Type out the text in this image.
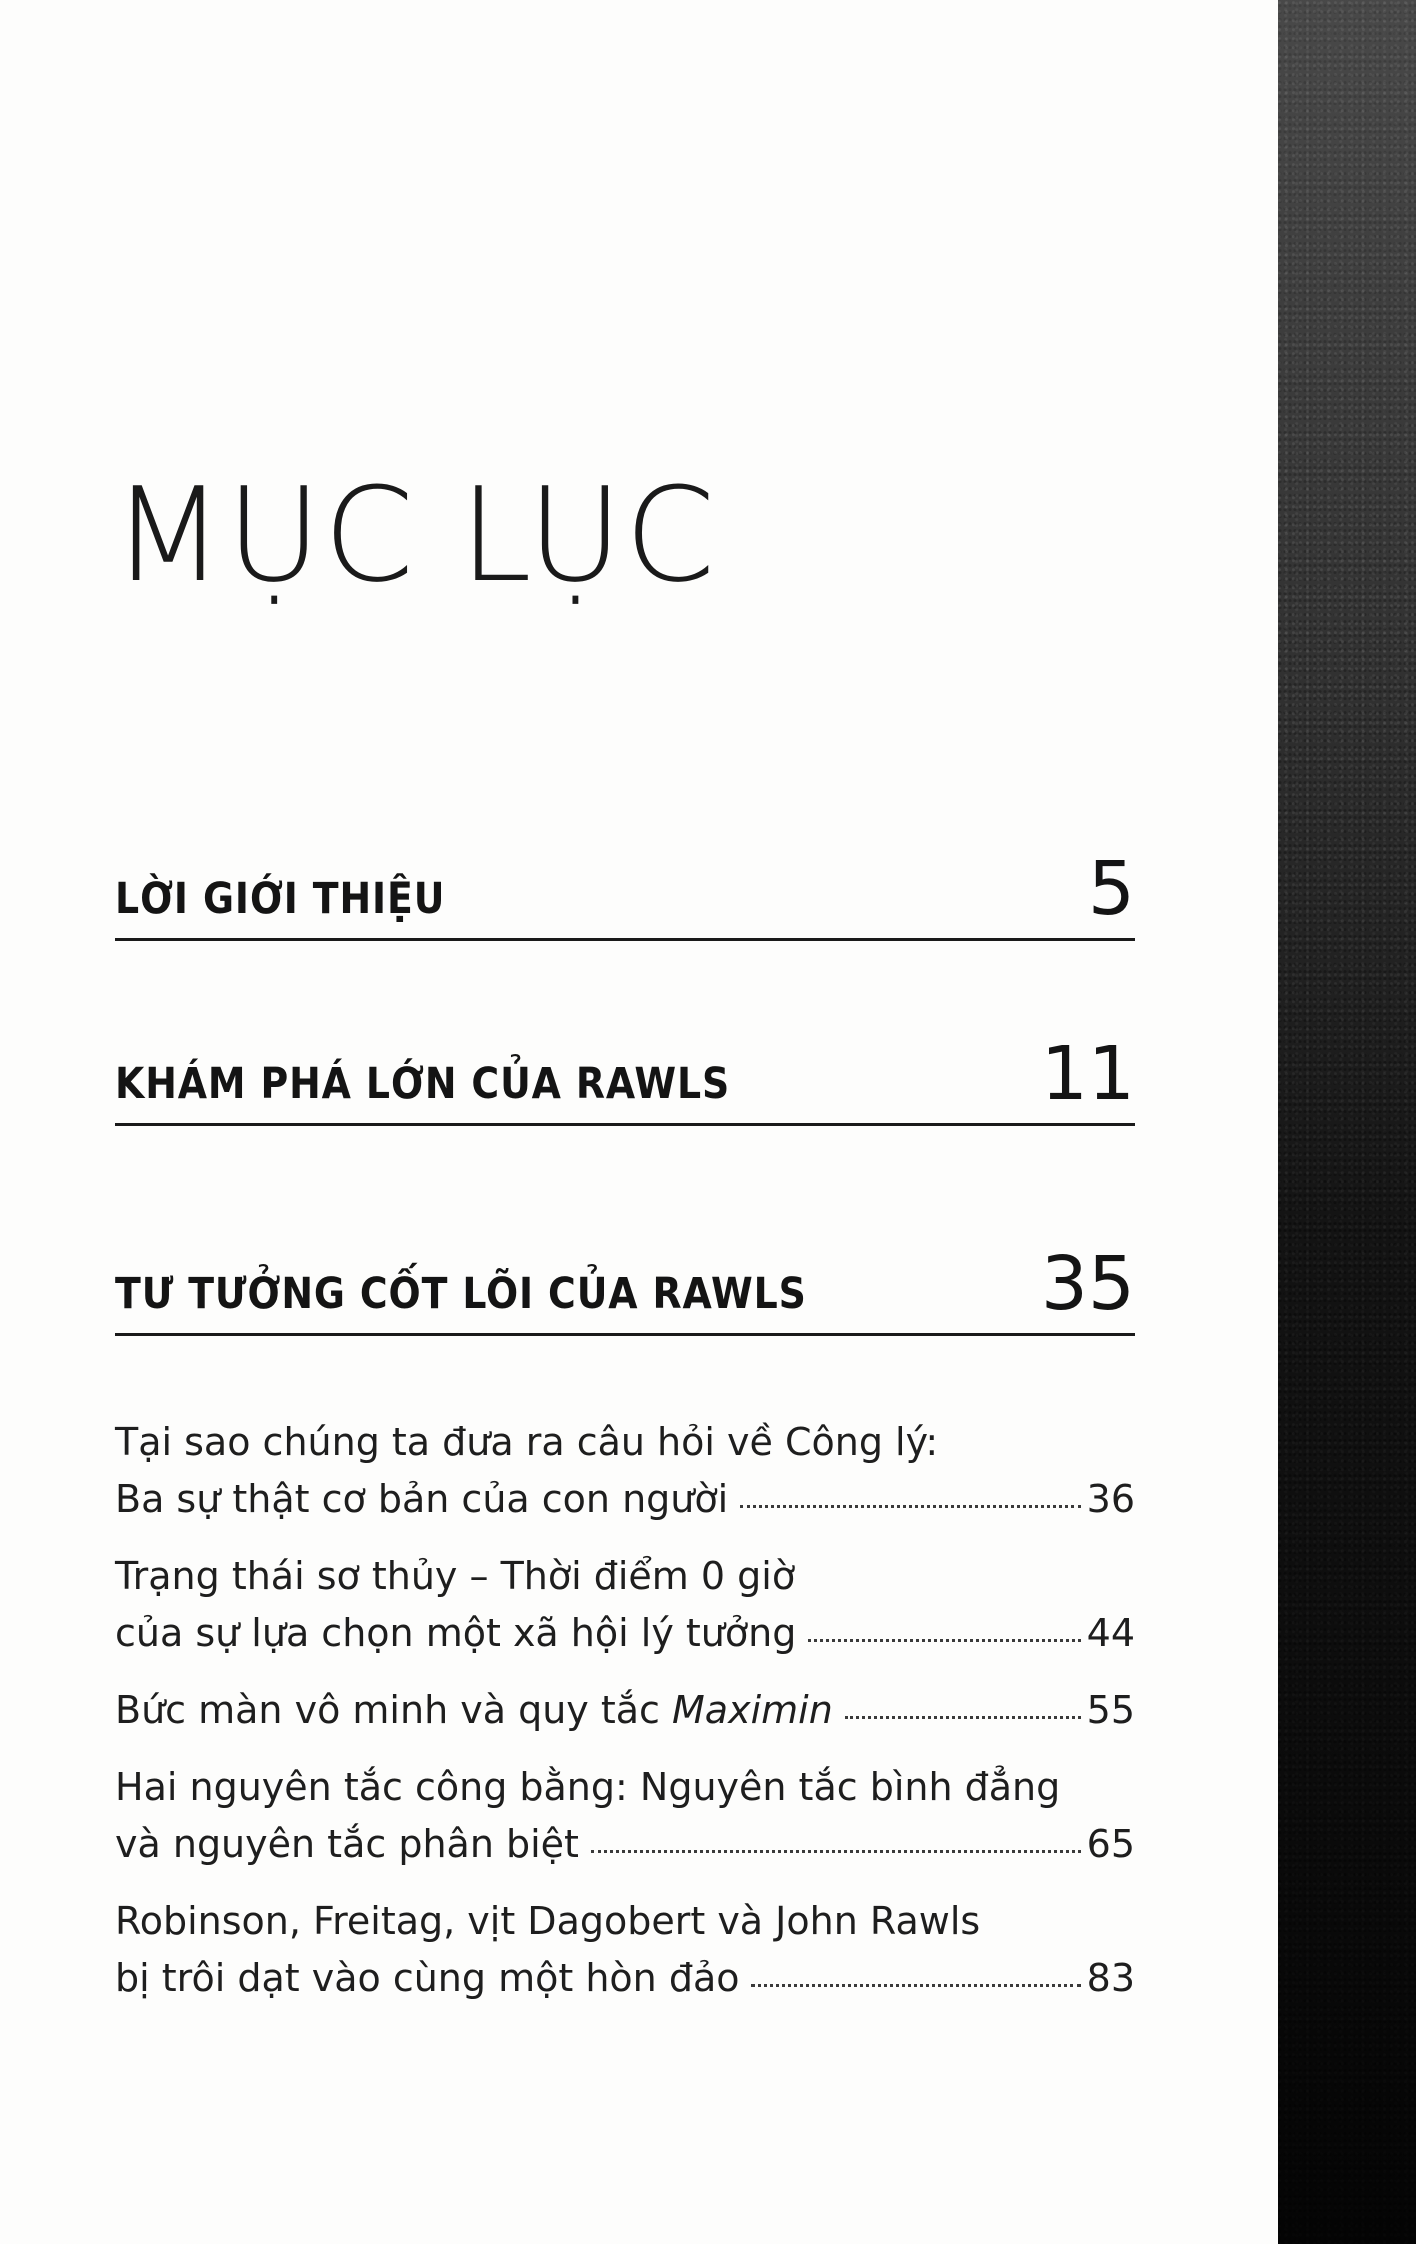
MỤC LỤC
LỜI GIỚI THIỆU	5
KHÁM PHÁ LỚN CỦA RAWLS	11
TƯ TƯỞNG CỐT LÕI CỦA RAWLS	35
Tại sao chúng ta đưa ra câu hỏi về Công lý:
Ba sự thật cơ bản của con người	36
Trạng thái sơ thủy – Thời điểm 0 giờ
của sự lựa chọn một xã hội lý tưởng	44
Bức màn vô minh và quy tắc Maximin	55
Hai nguyên tắc công bằng: Nguyên tắc bình đẳng
và nguyên tắc phân biệt	65
Robinson, Freitag, vịt Dagobert và John Rawls
bị trôi dạt vào cùng một hòn đảo	83
